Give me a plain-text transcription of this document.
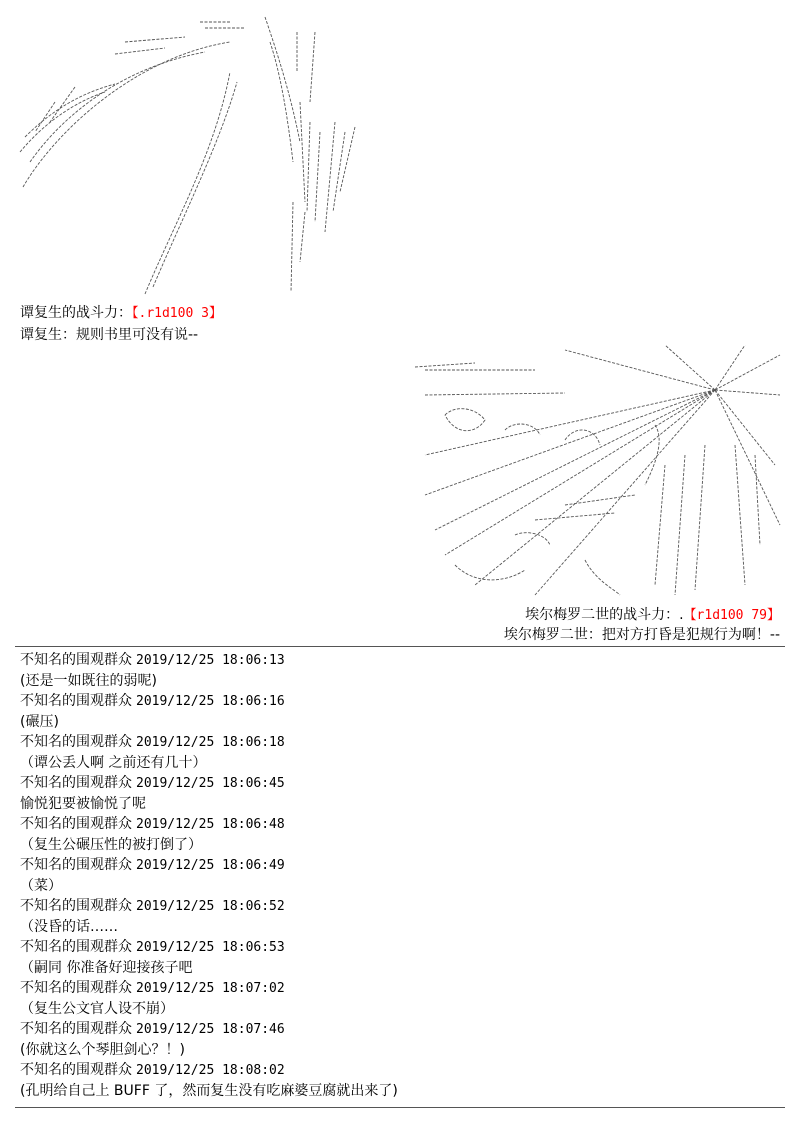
谭复生的战斗力：【.r1d100 3】
谭复生：规则书里可没有说--
埃尔梅罗二世的战斗力：.【r1d100 79】
埃尔梅罗二世：把对方打昏是犯规行为啊！--
不知名的围观群众 2019/12/25 18:06:13
(还是一如既往的弱呢)
不知名的围观群众 2019/12/25 18:06:16
(碾压)
不知名的围观群众 2019/12/25 18:06:18
（谭公丢人啊 之前还有几十）
不知名的围观群众 2019/12/25 18:06:45
愉悦犯要被愉悦了呢
不知名的围观群众 2019/12/25 18:06:48
（复生公碾压性的被打倒了）
不知名的围观群众 2019/12/25 18:06:49
（菜）
不知名的围观群众 2019/12/25 18:06:52
（没昏的话……
不知名的围观群众 2019/12/25 18:06:53
（嗣同 你准备好迎接孩子吧
不知名的围观群众 2019/12/25 18:07:02
（复生公文官人设不崩）
不知名的围观群众 2019/12/25 18:07:46
(你就这么个琴胆剑心？！)
不知名的围观群众 2019/12/25 18:08:02
(孔明给自己上 BUFF 了，然而复生没有吃麻婆豆腐就出来了)
